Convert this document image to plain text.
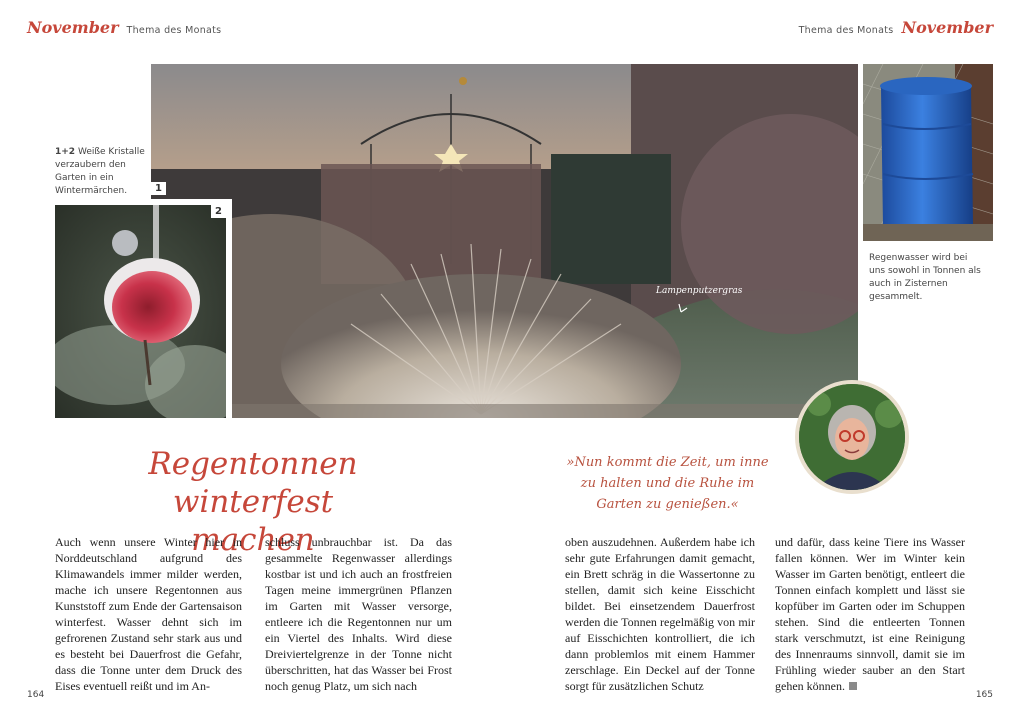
November Thema des Monats	Thema des Monats November
1
Lampenputzergras
2
1+2 Weiße Kristalle verzaubern den Garten in ein Wintermärchen.
Regenwasser wird bei uns sowohl in Tonnen als auch in Zisternen gesammelt.
Regentonnen
winterfest machen
»Nun kommt die Zeit, um inne zu halten und die Ruhe im Garten zu genießen.«
Auch wenn unsere Winter hier in Norddeutschland aufgrund des Klimawandels immer milder werden, mache ich unsere Regentonnen aus Kunststoff zum Ende der Gartensaison winterfest. Wasser dehnt sich im gefrorenen Zustand sehr stark aus und es besteht bei Dauerfrost die Gefahr, dass die Tonne unter dem Druck des Eises eventuell reißt und im An-
schluss unbrauchbar ist. Da das gesammelte Regenwasser allerdings kostbar ist und ich auch an frostfreien Tagen meine immergrünen Pflanzen im Garten mit Wasser versorge, entleere ich die Regentonnen nur um ein Viertel des Inhalts. Wird diese Dreiviertelgrenze in der Tonne nicht überschritten, hat das Wasser bei Frost noch genug Platz, um sich nach
oben auszudehnen. Außerdem habe ich sehr gute Erfahrungen damit gemacht, ein Brett schräg in die Wassertonne zu stellen, damit sich keine Eisschicht bildet. Bei einsetzendem Dauerfrost werden die Tonnen regelmäßig von mir auf Eisschichten kontrolliert, die ich dann problemlos mit einem Hammer zerschlage. Ein Deckel auf der Tonne sorgt für zusätzlichen Schutz
und dafür, dass keine Tiere ins Wasser fallen können. Wer im Winter kein Wasser im Garten benötigt, entleert die Tonnen einfach komplett und lässt sie kopfüber im Garten oder im Schuppen stehen. Sind die entleerten Tonnen stark verschmutzt, ist eine Reinigung des Innenraums sinnvoll, damit sie im Frühling wieder sauber an den Start gehen können.
164	165
